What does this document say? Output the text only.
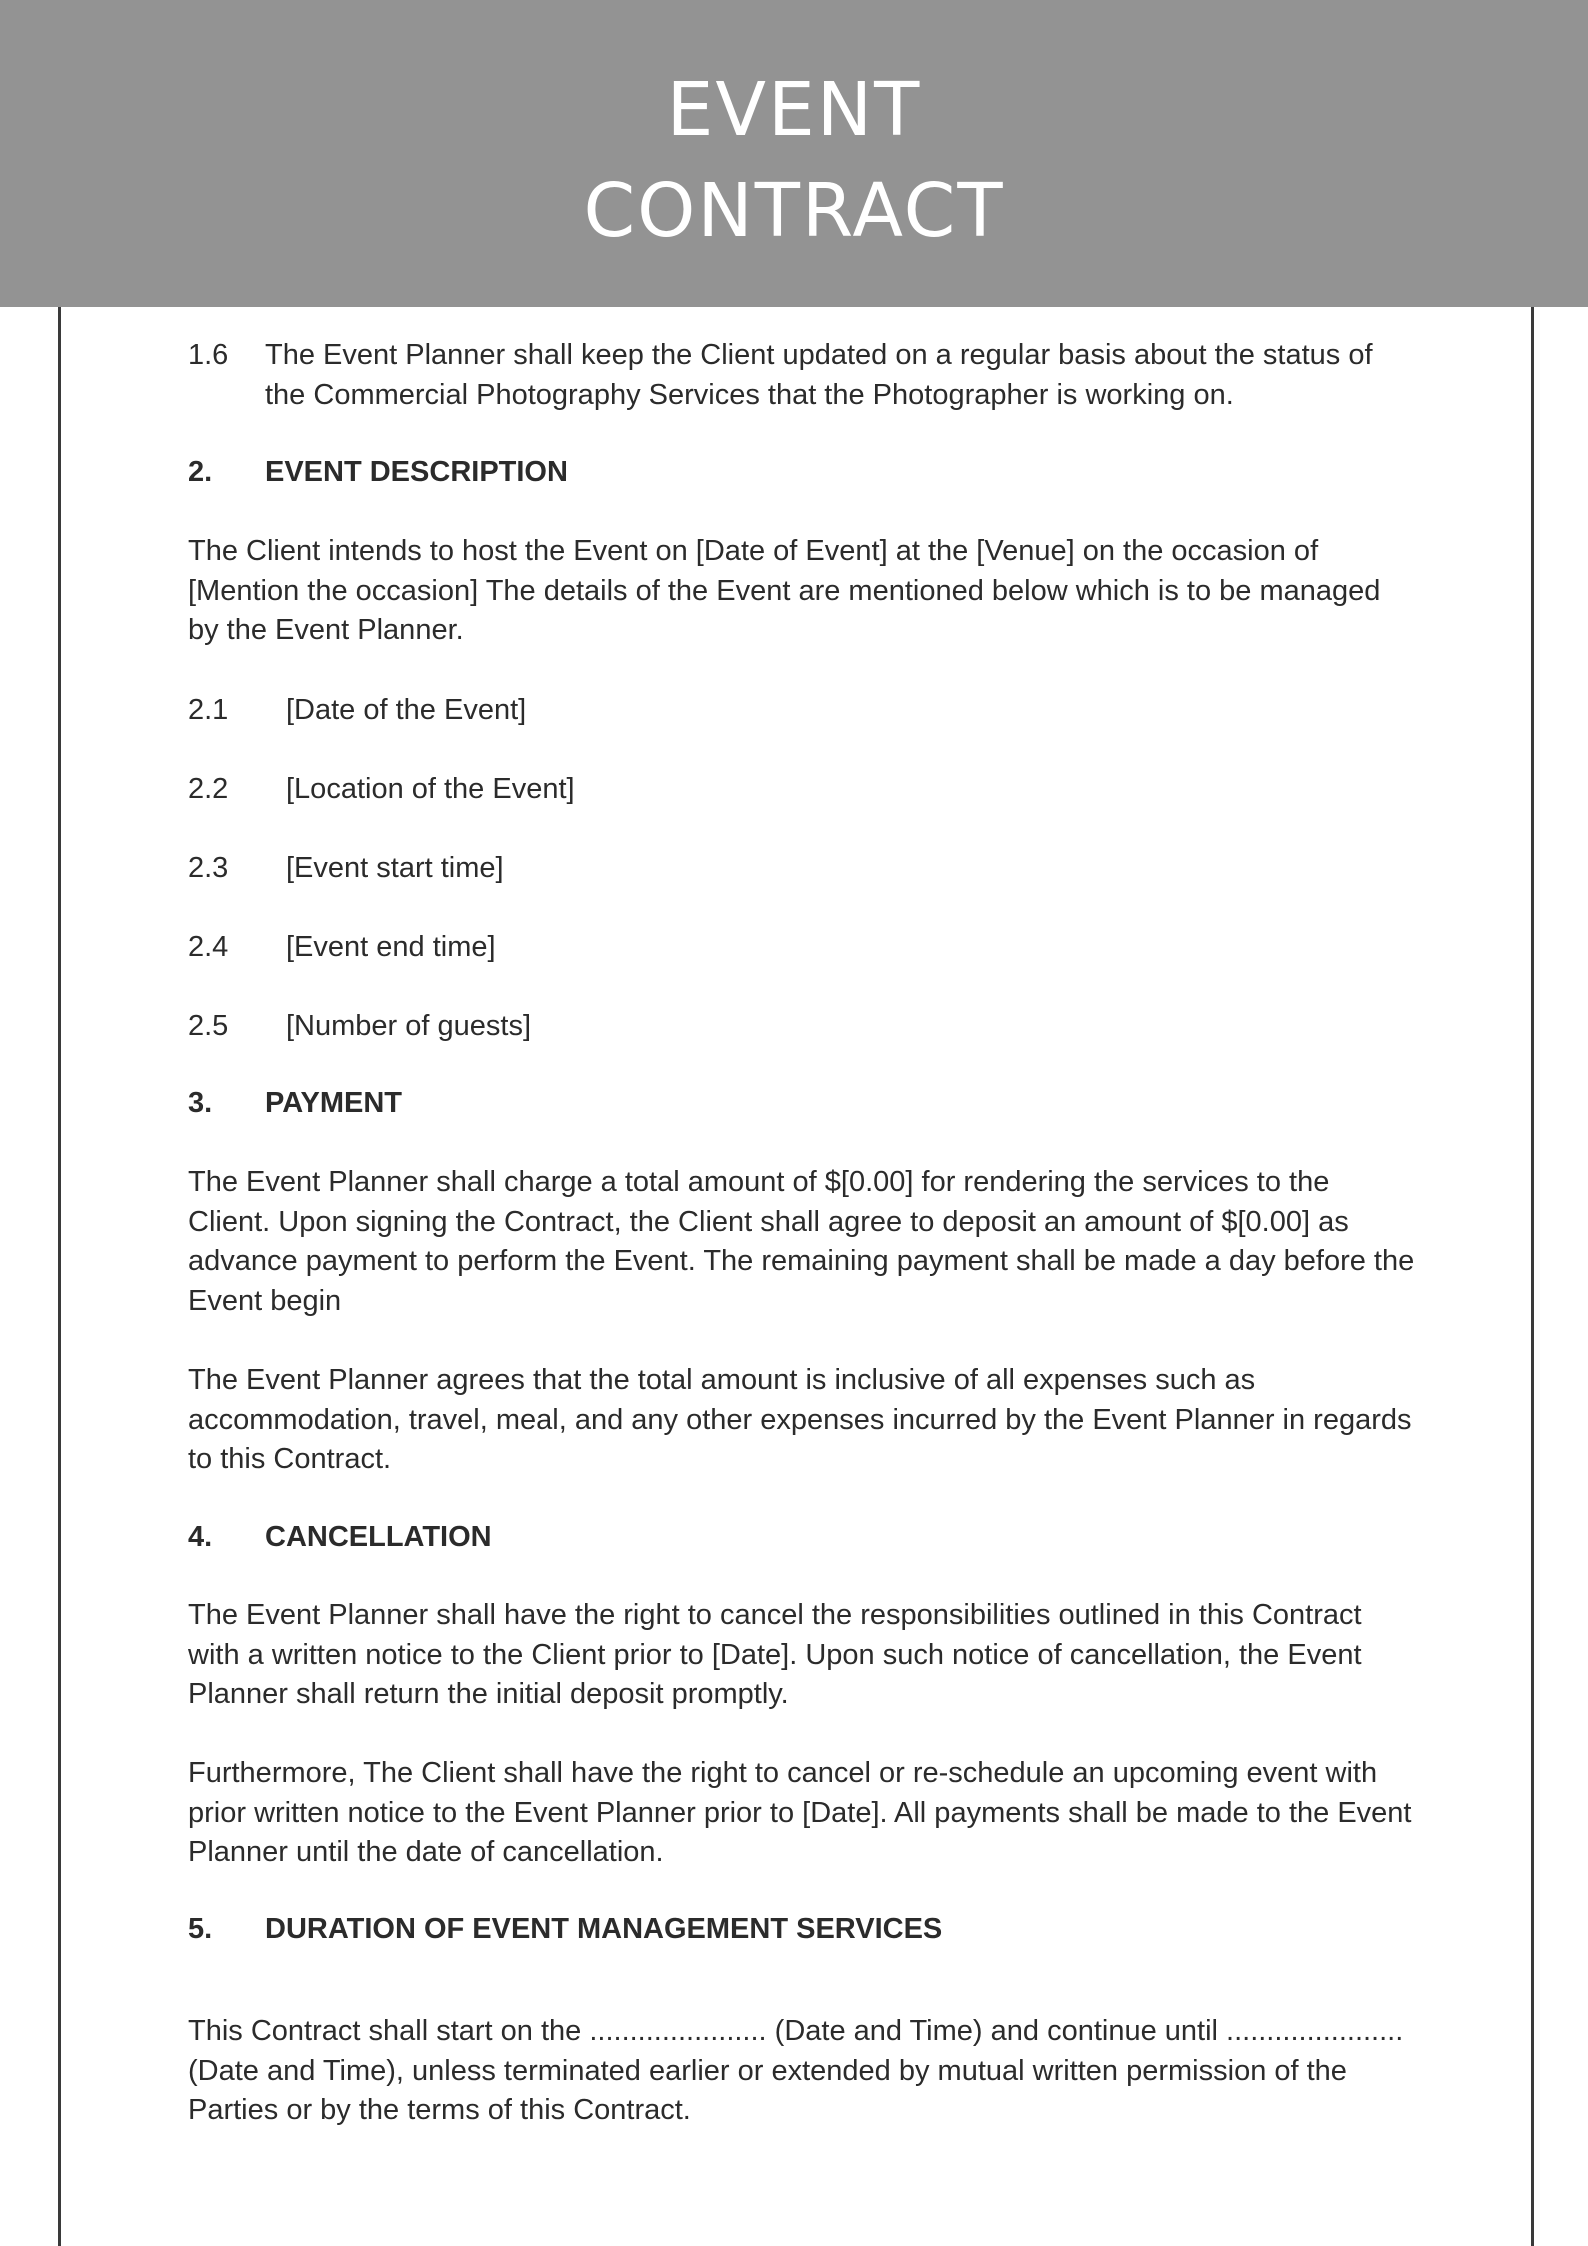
EVENT
CONTRACT
1.6 The Event Planner shall keep the Client updated on a regular basis about the status of the Commercial Photography Services that the Photographer is working on.
2. EVENT DESCRIPTION

The Client intends to host the Event on [Date of Event] at the [Venue] on the occasion of [Mention the occasion] The details of the Event are mentioned below which is to be managed by the Event Planner.

2.1 [Date of the Event]
2.2 [Location of the Event]
2.3 [Event start time]
2.4 [Event end time]
2.5 [Number of guests]
3. PAYMENT

The Event Planner shall charge a total amount of $[0.00] for rendering the services to the Client. Upon signing the Contract, the Client shall agree to deposit an amount of $[0.00] as advance payment to perform the Event. The remaining payment shall be made a day before the Event begin

The Event Planner agrees that the total amount is inclusive of all expenses such as accommodation, travel, meal, and any other expenses incurred by the Event Planner in regards to this Contract.

4. CANCELLATION

The Event Planner shall have the right to cancel the responsibilities outlined in this Contract with a written notice to the Client prior to [Date]. Upon such notice of cancellation, the Event Planner shall return the initial deposit promptly.

Furthermore, The Client shall have the right to cancel or re-schedule an upcoming event with prior written notice to the Event Planner prior to [Date]. All payments shall be made to the Event Planner until the date of cancellation.

5. DURATION OF EVENT MANAGEMENT SERVICES

This Contract shall start on the ...................... (Date and Time) and continue until ...................... (Date and Time), unless terminated earlier or extended by mutual written permission of the Parties or by the terms of this Contract.
